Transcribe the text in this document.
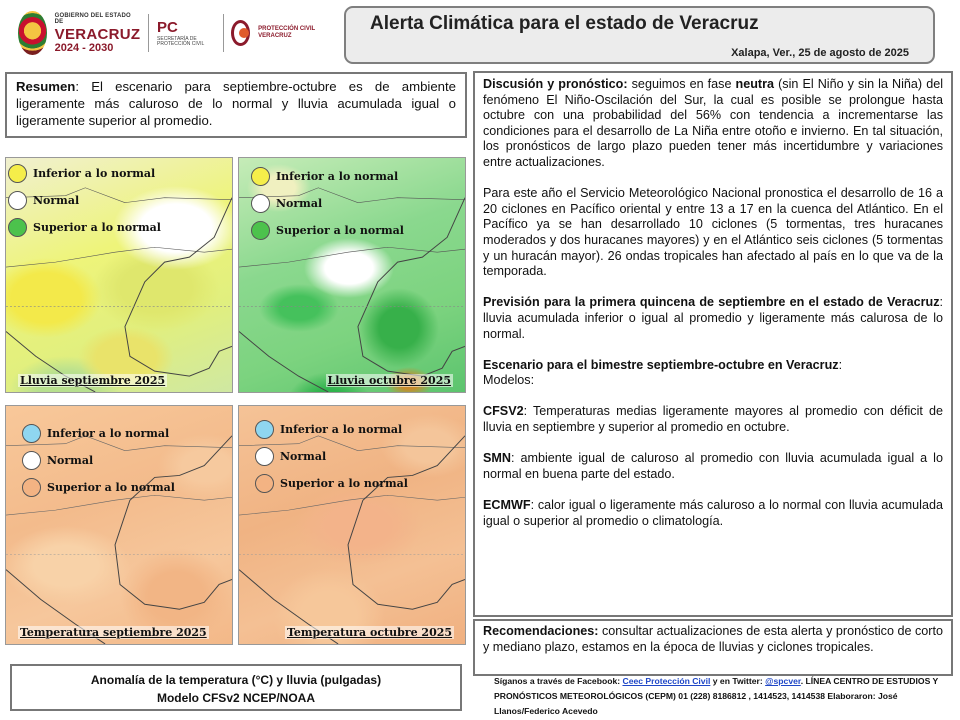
GOBIERNO DEL ESTADO DE
VERACRUZ
2024 - 2030
PC
SECRETARÍA DE PROTECCIÓN CIVIL
PROTECCIÓN CIVIL VERACRUZ
Alerta Climática para el estado de Veracruz
Xalapa, Ver., 25 de agosto de 2025
Resumen: El escenario para septiembre-octubre es de ambiente ligeramente más caluroso de lo normal y lluvia acumulada igual o ligeramente superior al promedio.
Inferior a lo normal
Normal
Superior a lo normal
Lluvia septiembre 2025
Inferior a lo normal
Normal
Superior a lo normal
Lluvia octubre 2025
Inferior a lo normal
Normal
Superior a lo normal
Temperatura septiembre 2025
Inferior a lo normal
Normal
Superior a lo normal
Temperatura octubre 2025
Anomalía de la temperatura (°C) y lluvia (pulgadas)
Modelo CFSv2 NCEP/NOAA

Discusión y pronóstico: seguimos en fase neutra (sin El Niño y sin la Niña) del fenómeno El Niño-Oscilación del Sur, la cual es posible se prolongue hasta octubre con una probabilidad del 56% con tendencia a incrementarse las condiciones para el desarrollo de La Niña entre otoño e invierno. En tal situación, los pronósticos de largo plazo pueden tener más incertidumbre y variaciones entre actualizaciones.

Para este año el Servicio Meteorológico Nacional pronostica el desarrollo de 16 a 20 ciclones en Pacífico oriental y entre 13 a 17 en la cuenca del Atlántico. En el Pacífico ya se han desarrollado 10 ciclones (5 tormentas, tres huracanes moderados y dos huracanes mayores) y en el Atlántico seis ciclones (5 tormentas y un huracán mayor). 26 ondas tropicales han afectado al país en lo que va de la temporada.

Previsión para la primera quincena de septiembre en el estado de Veracruz: lluvia acumulada inferior o igual al promedio y ligeramente más calurosa de lo normal.

Escenario para el bimestre septiembre-octubre en Veracruz:
Modelos:

CFSV2: Temperaturas medias ligeramente mayores al promedio con déficit de lluvia en septiembre y superior al promedio en octubre.

SMN: ambiente igual de caluroso al promedio con lluvia acumulada igual a lo normal en buena parte del estado.

ECMWF: calor igual o ligeramente más caluroso a lo normal con lluvia acumulada igual o superior al promedio o climatología.

Recomendaciones: consultar actualizaciones de esta alerta y pronóstico de corto y mediano plazo, estamos en la época de lluvias y ciclones tropicales.
Síganos a través de Facebook: Ceec Protección Civil y en Twitter: @spcver. LÍNEA CENTRO DE ESTUDIOS Y PRONÓSTICOS METEOROLÓGICOS (CEPM) 01 (228) 8186812 , 1414523, 1414538 Elaboraron: José Llanos/Federico Acevedo
